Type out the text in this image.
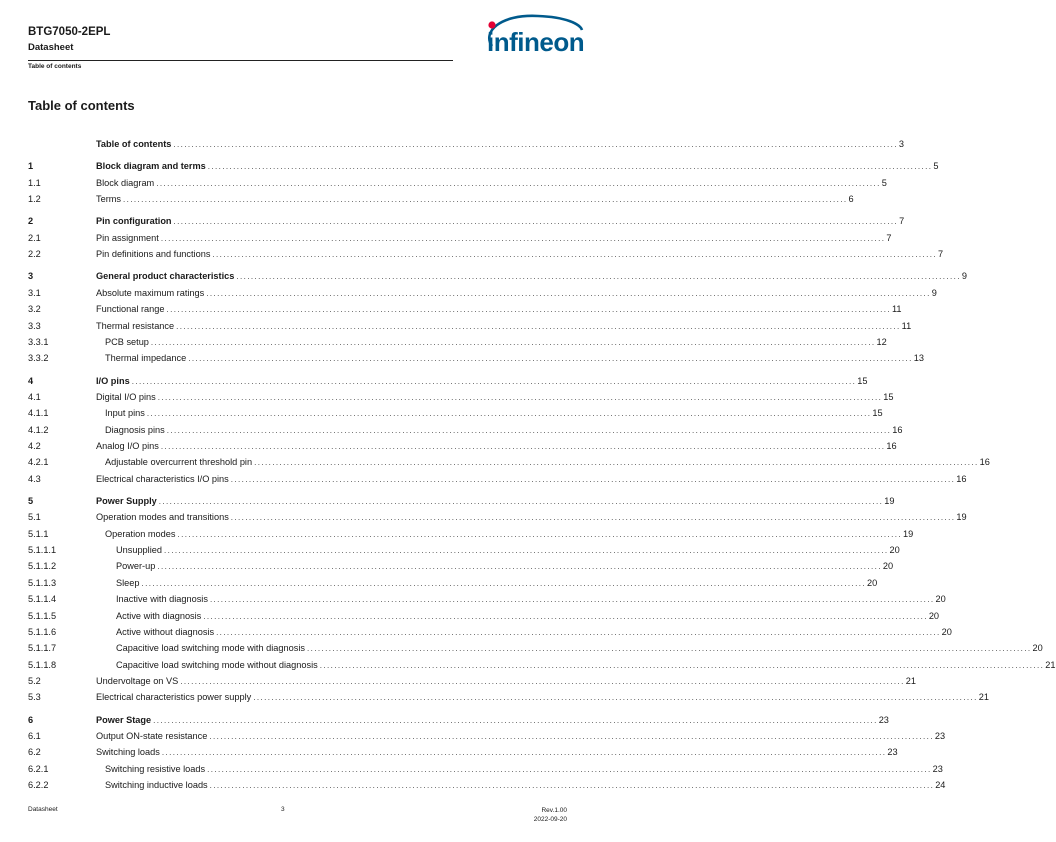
BTG7050-2EPL
Datasheet
Table of contents
infineon
Table of contents
Table of contents ........................................................................................................................................................................................................ 3
1	Block diagram and terms ........................................................................................................................................................................................................ 5
1.1	Block diagram ........................................................................................................................................................................................................ 5
1.2	Terms ........................................................................................................................................................................................................ 6
2	Pin configuration ........................................................................................................................................................................................................ 7
2.1	Pin assignment ........................................................................................................................................................................................................ 7
2.2	Pin definitions and functions ........................................................................................................................................................................................................ 7
3	General product characteristics ........................................................................................................................................................................................................ 9
3.1	Absolute maximum ratings ........................................................................................................................................................................................................ 9
3.2	Functional range ........................................................................................................................................................................................................ 11
3.3	Thermal resistance ........................................................................................................................................................................................................ 11
3.3.1	PCB setup ........................................................................................................................................................................................................ 12
3.3.2	Thermal impedance ........................................................................................................................................................................................................ 13
4	I/O pins ........................................................................................................................................................................................................ 15
4.1	Digital I/O pins ........................................................................................................................................................................................................ 15
4.1.1	Input pins ........................................................................................................................................................................................................ 15
4.1.2	Diagnosis pins ........................................................................................................................................................................................................ 16
4.2	Analog I/O pins ........................................................................................................................................................................................................ 16
4.2.1	Adjustable overcurrent threshold pin ........................................................................................................................................................................................................ 16
4.3	Electrical characteristics I/O pins ........................................................................................................................................................................................................ 16
5	Power Supply ........................................................................................................................................................................................................ 19
5.1	Operation modes and transitions ........................................................................................................................................................................................................ 19
5.1.1	Operation modes ........................................................................................................................................................................................................ 19
5.1.1.1	Unsupplied ........................................................................................................................................................................................................ 20
5.1.1.2	Power-up ........................................................................................................................................................................................................ 20
5.1.1.3	Sleep ........................................................................................................................................................................................................ 20
5.1.1.4	Inactive with diagnosis ........................................................................................................................................................................................................ 20
5.1.1.5	Active with diagnosis ........................................................................................................................................................................................................ 20
5.1.1.6	Active without diagnosis ........................................................................................................................................................................................................ 20
5.1.1.7	Capacitive load switching mode with diagnosis ........................................................................................................................................................................................................ 20
5.1.1.8	Capacitive load switching mode without diagnosis ........................................................................................................................................................................................................ 21
5.2	Undervoltage on VS ........................................................................................................................................................................................................ 21
5.3	Electrical characteristics power supply ........................................................................................................................................................................................................ 21
6	Power Stage ........................................................................................................................................................................................................ 23
6.1	Output ON-state resistance ........................................................................................................................................................................................................ 23
6.2	Switching loads ........................................................................................................................................................................................................ 23
6.2.1	Switching resistive loads ........................................................................................................................................................................................................ 23
6.2.2	Switching inductive loads ........................................................................................................................................................................................................ 24
Datasheet	3	Rev.1.00
2022-09-20
